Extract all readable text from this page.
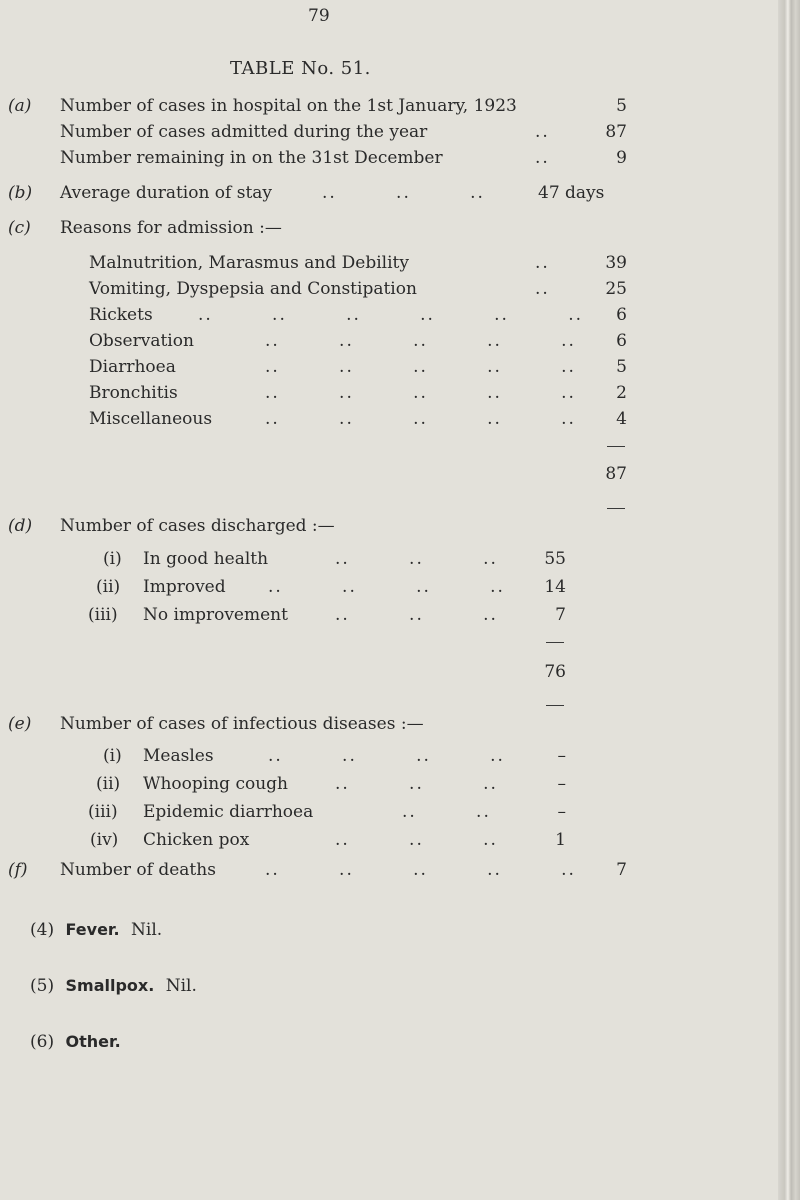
79
TABLE No. 51.
(a) Number of cases in hospital on the 1st January, 1923	5
Number of cases admitted during the year	..	87
Number remaining in on the 31st December	..	9
(b) Average duration of stay	..        ..        ..	47 days
(c) Reasons for admission :—
Malnutrition, Marasmus and Debility	..	39
Vomiting, Dyspepsia and Constipation	..	25
Rickets	..        ..        ..        ..        ..        ..	6
Observation	..        ..        ..        ..        ..	6
Diarrhoea	..        ..        ..        ..        ..	5
Bronchitis	..        ..        ..        ..        ..	2
Miscellaneous	..        ..        ..        ..        ..	4
87
(d) Number of cases discharged :—
(i) In good health	..        ..        ..	55
(ii) Improved ..        ..        ..        ..	14
(iii) No improvement	..        ..        ..	7
76
(e) Number of cases of infectious diseases :—
(i) Measles	..        ..        ..        ..	–
(ii) Whooping cough	..        ..        ..	–
(iii) Epidemic diarrhoea	..        ..	–
(iv) Chicken pox	..        ..        ..	1
(f) Number of deaths	..        ..        ..        ..        ..	7
(4) Fever. Nil.
(5) Smallpox. Nil.
(6) Other.
